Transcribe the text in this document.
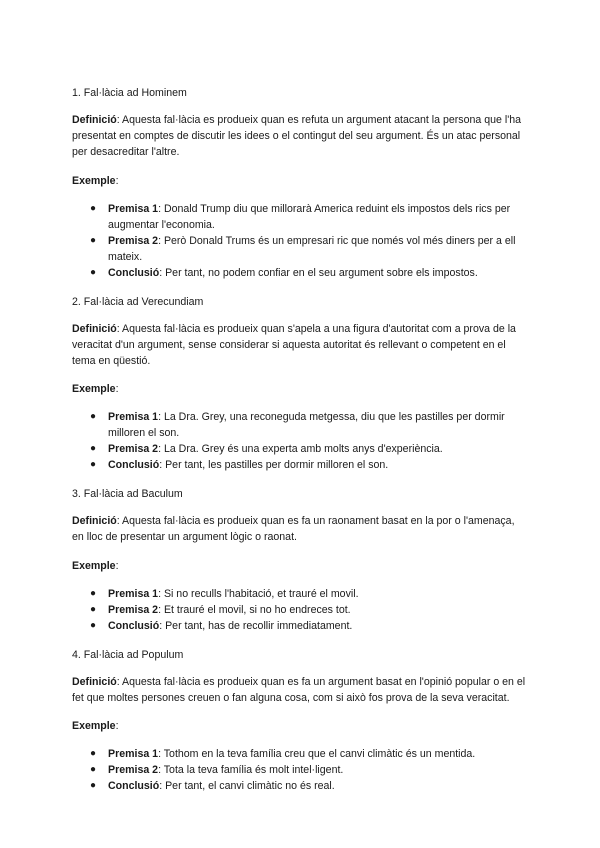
1. Fal·làcia ad Hominem

Definició: Aquesta fal·làcia es produeix quan es refuta un argument atacant la persona que l'ha presentat en comptes de discutir les idees o el contingut del seu argument. És un atac personal per desacreditar l'altre.

Exemple:

● Premisa 1: Donald Trump diu que millorarà America reduint els impostos dels rics per augmentar l'economia.
● Premisa 2: Però Donald Trums és un empresari ric que només vol més diners per a ell mateix.
● Conclusió: Per tant, no podem confiar en el seu argument sobre els impostos.

2. Fal·làcia ad Verecundiam

Definició: Aquesta fal·làcia es produeix quan s'apela a una figura d'autoritat com a prova de la veracitat d'un argument, sense considerar si aquesta autoritat és rellevant o competent en el tema en qüestió.

Exemple:

● Premisa 1: La Dra. Grey, una reconeguda metgessa, diu que les pastilles per dormir milloren el son.
● Premisa 2: La Dra. Grey és una experta amb molts anys d'experiència.
● Conclusió: Per tant, les pastilles per dormir milloren el son.

3. Fal·làcia ad Baculum

Definició: Aquesta fal·làcia es produeix quan es fa un raonament basat en la por o l'amenaça, en lloc de presentar un argument lògic o raonat.

Exemple:

● Premisa 1: Si no reculls l'habitació, et trauré el movil.
● Premisa 2: Et trauré el movil, si no ho endreces tot.
● Conclusió: Per tant, has de recollir immediatament.

4. Fal·làcia ad Populum

Definició: Aquesta fal·làcia es produeix quan es fa un argument basat en l'opinió popular o en el fet que moltes persones creuen o fan alguna cosa, com si això fos prova de la seva veracitat.

Exemple:

● Premisa 1: Tothom en la teva família creu que el canvi climàtic és un mentida.
● Premisa 2: Tota la teva família és molt intel·ligent.
● Conclusió: Per tant, el canvi climàtic no és real.
